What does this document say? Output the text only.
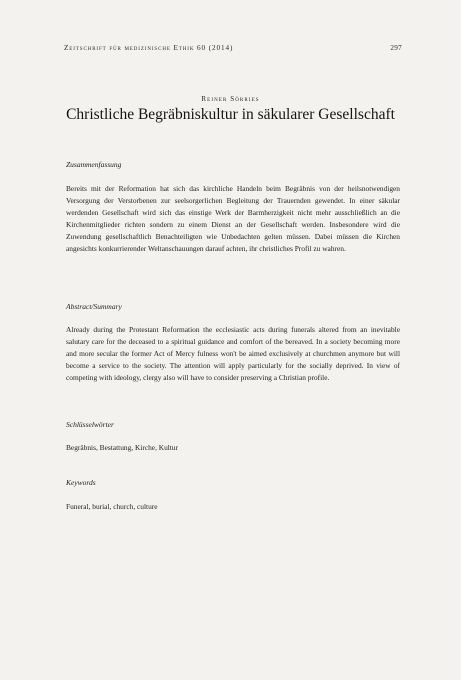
Zeitschrift für medizinische Ethik 60 (2014)	297
Reiner Sörries
Christliche Begräbniskultur in säkularer Gesellschaft
Zusammenfassung

Bereits mit der Reformation hat sich das kirchliche Handeln beim Begräbnis von der heilsnotwendigen Versorgung der Verstorbenen zur seelsorgerlichen Begleitung der Trauernden gewendet. In einer säkular werdenden Gesellschaft wird sich das einstige Werk der Barmherzigkeit nicht mehr ausschließlich an die Kirchenmitglieder richten sondern zu einem Dienst an der Gesellschaft werden. Insbesondere wird die Zuwendung gesellschaftlich Benachteiligten wie Unbedachten gelten müssen. Dabei müssen die Kirchen angesichts konkurrierender Weltanschauungen darauf achten, ihr christliches Profil zu wahren.

Abstract/Summary

Already during the Protestant Reformation the ecclesiastic acts during funerals altered from an inevitable salutary care for the deceased to a spiritual guidance and comfort of the bereaved. In a society becoming more and more secular the former Act of Mercy fulness won't be aimed exclusively at churchmen anymore but will become a service to the society. The attention will apply particularly for the socially deprived. In view of competing with ideology, clergy also will have to consider preserving a Christian profile.

Schlüsselwörter
Begräbnis, Bestattung, Kirche, Kultur
Keywords
Funeral, burial, church, culture
